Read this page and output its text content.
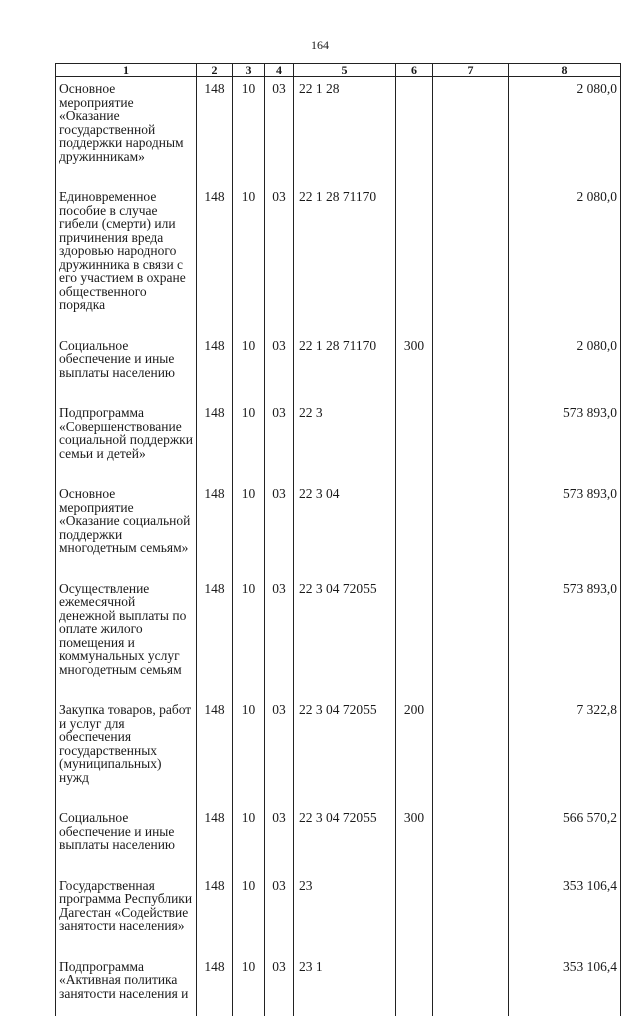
164
1	2	3	4	5	6	7	8
Основное мероприятие «Оказание государственной поддержки народным дружинникам»	148	10	03	22 1 28			2 080,0
Единовременное пособие в случае гибели (смерти) или причинения вреда здоровью народного дружинника в связи с его участием в охране общественного порядка	148	10	03	22 1 28 71170			2 080,0
Социальное обеспечение и иные выплаты населению	148	10	03	22 1 28 71170	300		2 080,0
Подпрограмма «Совершенствование социальной поддержки семьи и детей»	148	10	03	22 3			573 893,0
Основное мероприятие «Оказание социальной поддержки многодетным семьям»	148	10	03	22 3 04			573 893,0
Осуществление ежемесячной денежной выплаты по оплате жилого помещения и коммунальных услуг многодетным семьям	148	10	03	22 3 04 72055			573 893,0
Закупка товаров, работ и услуг для обеспечения государственных (муниципальных) нужд	148	10	03	22 3 04 72055	200		7 322,8
Социальное обеспечение и иные выплаты населению	148	10	03	22 3 04 72055	300		566 570,2
Государственная программа Республики Дагестан «Содействие занятости населения»	148	10	03	23			353 106,4
Подпрограмма «Активная политика занятости населения и	148	10	03	23 1			353 106,4
